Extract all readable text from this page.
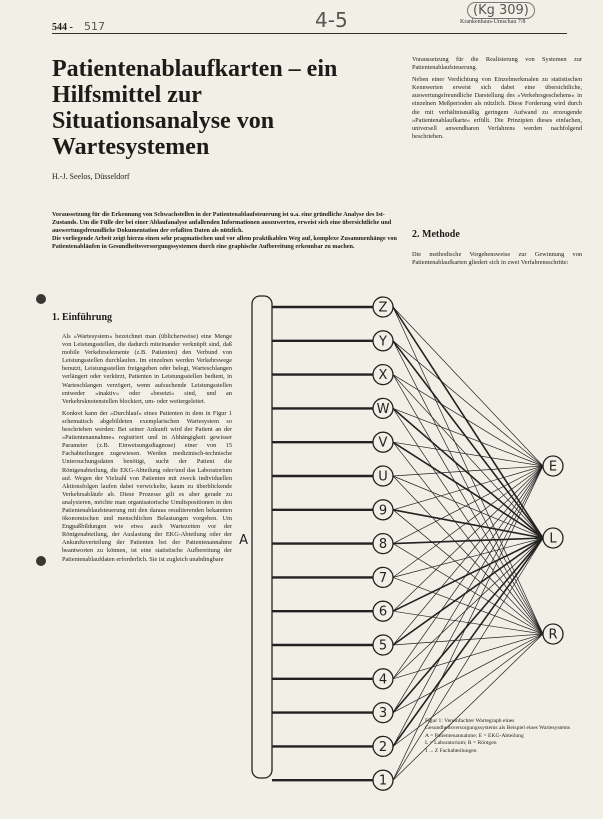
544 - 517	4-5	(Kg 309)
Krankenhaus-Umschau 7/8
Patientenablaufkarten – ein Hilfsmittel zur Situationsanalyse von Wartesystemen
H.-J. Seelos, Düsseldorf

Voraussetzung für die Erkennung von Schwachstellen in der Patientenablaufsteuerung ist u.a. eine gründliche Analyse des Ist-Zustands. Um die Fülle der bei einer Ablaufanalyse anfallenden Informationen auszuwerten, erweist sich eine übersichtliche und auswertungsfreundliche Dokumentation der erfaßten Daten als nützlich.

Die vorliegende Arbeit zeigt hierzu einen sehr pragmatischen und vor allem praktikablen Weg auf, komplexe Zusammenhänge von Patientenabläufen in Gesundheitsversorgungssystemen durch eine graphische Aufbereitung erkennbar zu machen.

Voraussetzung für die Realisierung von Systemen zur Patientenablaufsteuerung.

Neben einer Verdichtung von Einzelmerkmalen zu statistischen Kennwerten erweist sich dabei eine übersichtliche, auswertungsfreundliche Darstellung des »Verkehrsgeschehens« in einzelnen Meßperioden als nützlich. Diese Forderung wird durch die mit verhältnismäßig geringem Aufwand zu erzeugende »Patientenablaufkarte« erfüllt. Die Prinzipien dieses einfachen, universell anwendbaren Verfahrens werden nachfolgend beschrieben.

2. Methode

Die methodische Vorgehensweise zur Gewinnung von Patientenablaufkarten gliedert sich in zwei Verfahrensschritte:

1. Einführung

Als »Wartesystem« bezeichnet man (üblicherweise) eine Menge von Leistungsstellen, die dadurch miteinander verknüpft sind, daß mobile Verkehrselemente (z.B. Patienten) den Verbund von Leistungsstellen durchlaufen. Im einzelnen werden Verkehrswege benutzt, Leistungsstellen freigegeben oder belegt, Warteschlangen verlängert oder verkürzt, Patienten in Leistungsstellen bedient, in Warteschlangen verzögert, wenn aufsuchende Leistungsstellen entweder »inaktiv« oder »besetzt« sind, und an Verkehrsknotenstellen blockiert, um- oder weitergeleitet.

Konkret kann der »Durchlauf« eines Patienten in dem in Figur 1 schematisch abgebildeten exemplarischen Wartesystem so beschrieben werden: Bei seiner Ankunft wird der Patient an der »Patientenannahme« registriert und in Abhängigkeit gewisser Parameter (z.B. Einweisungsdiagnose) einer von 15 Fachabteilungen zugewiesen. Werden medizinisch-technische Untersuchungsdaten benötigt, sucht der Patient die Röntgenabteilung, die EKG-Abteilung oder/und das Laboratorium auf. Wegen der Vielzahl von Patienten mit zweck individuellen Aktionsfolgen laufen dabei verwickelte, kaum zu überblickende Verkehrsabläufe ab. Diese Prozesse gilt es aber gerade zu analysieren, möchte man organisatorische Umdispositionen in den Patientenablaufsteuerung mit den daraus resultierenden bekannten ökonomischen und menschlichen Belastungen vorgeben. Um Engpaßbildungen wie etwa auch Wartezeiten vor der Röntgenabteilung, der Auslastung der EKG-Abteilung oder der Ankunftsverteilung der Patienten bei der Patientenannahme beantworten zu können, ist eine statistische Aufbereitung der Patientenablaufdaten erforderlich. Sie ist zugleich unabdingbare

A
Z
Y
X
W
V
U
9
8
7
6
5
4
3
2
1
E
L
R
Figur 1: Vereinfachter Wartegraph eines Gesundheitsversorgungssystems als Beispiel eines Wartesystems
A = Patientenannahme; E = EKG-Abteilung
L = Laboratorium; R = Röntgen
1 ... Z Fachabteilungen
